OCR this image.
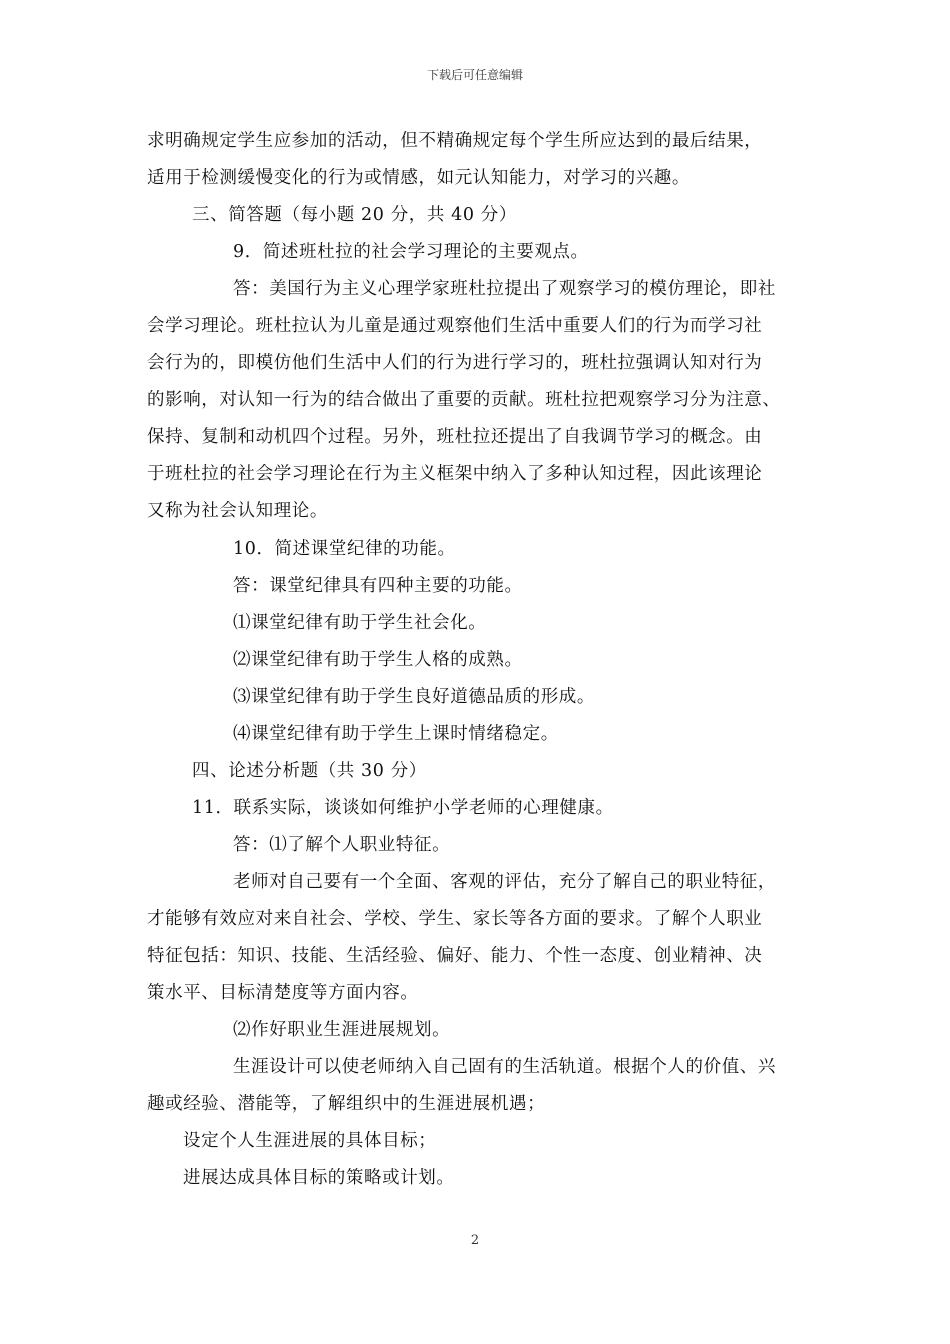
下载后可任意编辑
求明确规定学生应参加的活动，但不精确规定每个学生所应达到的最后结果，
适用于检测缓慢变化的行为或情感，如元认知能力，对学习的兴趣。
三、简答题（每小题 20 分，共 40 分）
9．简述班杜拉的社会学习理论的主要观点。
答：美国行为主义心理学家班杜拉提出了观察学习的模仿理论，即社
会学习理论。班杜拉认为儿童是通过观察他们生活中重要人们的行为而学习社
会行为的，即模仿他们生活中人们的行为进行学习的，班杜拉强调认知对行为
的影响，对认知一行为的结合做出了重要的贡献。班杜拉把观察学习分为注意、
保持、复制和动机四个过程。另外，班杜拉还提出了自我调节学习的概念。由
于班杜拉的社会学习理论在行为主义框架中纳入了多种认知过程，因此该理论
又称为社会认知理论。
10．简述课堂纪律的功能。
答：课堂纪律具有四种主要的功能。
⑴课堂纪律有助于学生社会化。
⑵课堂纪律有助于学生人格的成熟。
⑶课堂纪律有助于学生良好道德品质的形成。
⑷课堂纪律有助于学生上课时情绪稳定。
四、论述分析题（共 30 分）
11．联系实际，谈谈如何维护小学老师的心理健康。
答：⑴了解个人职业特征。
老师对自己要有一个全面、客观的评估，充分了解自己的职业特征，
才能够有效应对来自社会、学校、学生、家长等各方面的要求。了解个人职业
特征包括：知识、技能、生活经验、偏好、能力、个性一态度、创业精神、决
策水平、目标清楚度等方面内容。
⑵作好职业生涯进展规划。
生涯设计可以使老师纳入自己固有的生活轨道。根据个人的价值、兴
趣或经验、潜能等，了解组织中的生涯进展机遇；
设定个人生涯进展的具体目标；
进展达成具体目标的策略或计划。
2
